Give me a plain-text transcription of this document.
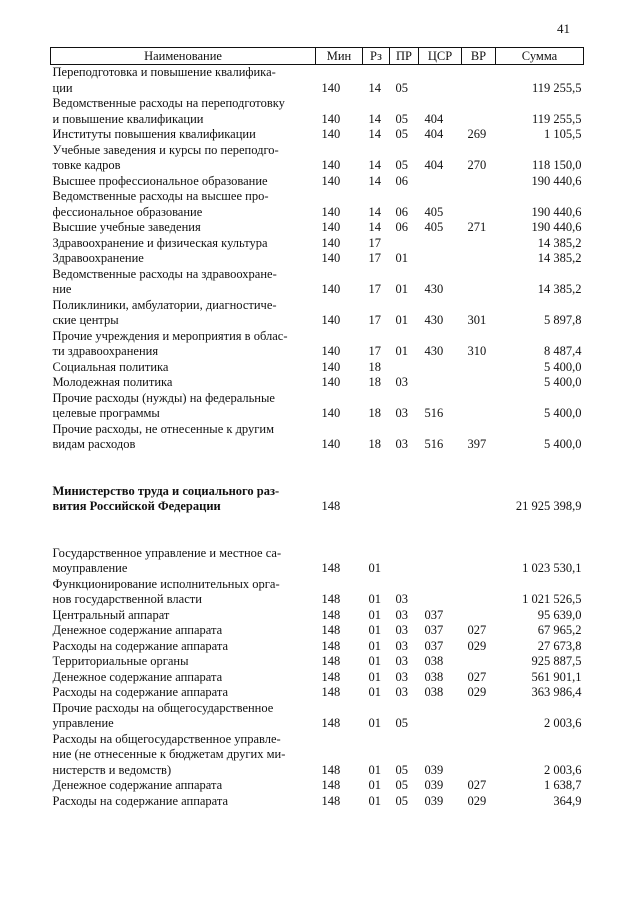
41
Наименование	Мин	Рз	ПР	ЦСР	ВР	Сумма

Переподготовка и повышение квалифика-
ции	140	14	05			119 255,5

Ведомственные расходы на переподготовку
и повышение квалификации	140	14	05	404		119 255,5

Институты повышения квалификации	140	14	05	404	269	1 105,5

Учебные заведения и курсы по переподго-
товке кадров	140	14	05	404	270	118 150,0

Высшее профессиональное образование	140	14	06			190 440,6

Ведомственные расходы на высшее про-
фессиональное образование	140	14	06	405		190 440,6

Высшие учебные заведения	140	14	06	405	271	190 440,6

Здравоохранение и физическая культура	140	17				14 385,2

Здравоохранение	140	17	01			14 385,2

Ведомственные расходы на здравоохране-
ние	140	17	01	430		14 385,2

Поликлиники, амбулатории, диагностиче-
ские центры	140	17	01	430	301	5 897,8

Прочие учреждения и мероприятия в облас-
ти здравоохранения	140	17	01	430	310	8 487,4

Социальная политика	140	18				5 400,0

Молодежная политика	140	18	03			5 400,0

Прочие расходы (нужды) на федеральные
целевые программы	140	18	03	516		5 400,0

Прочие расходы, не отнесенные к другим
видам расходов	140	18	03	516	397	5 400,0

Министерство труда и социального раз-
вития Российской Федерации	148					21 925 398,9

Государственное управление и местное са-
моуправление	148	01				1 023 530,1

Функционирование исполнительных орга-
нов государственной власти	148	01	03			1 021 526,5

Центральный аппарат	148	01	03	037		95 639,0

Денежное содержание аппарата	148	01	03	037	027	67 965,2

Расходы на содержание аппарата	148	01	03	037	029	27 673,8

Территориальные органы	148	01	03	038		925 887,5

Денежное содержание аппарата	148	01	03	038	027	561 901,1

Расходы на содержание аппарата	148	01	03	038	029	363 986,4

Прочие расходы на общегосударственное
управление	148	01	05			2 003,6

Расходы на общегосударственное управле-
ние (не отнесенные к бюджетам других ми-
нистерств и ведомств)	148	01	05	039		2 003,6

Денежное содержание аппарата	148	01	05	039	027	1 638,7

Расходы на содержание аппарата	148	01	05	039	029	364,9
